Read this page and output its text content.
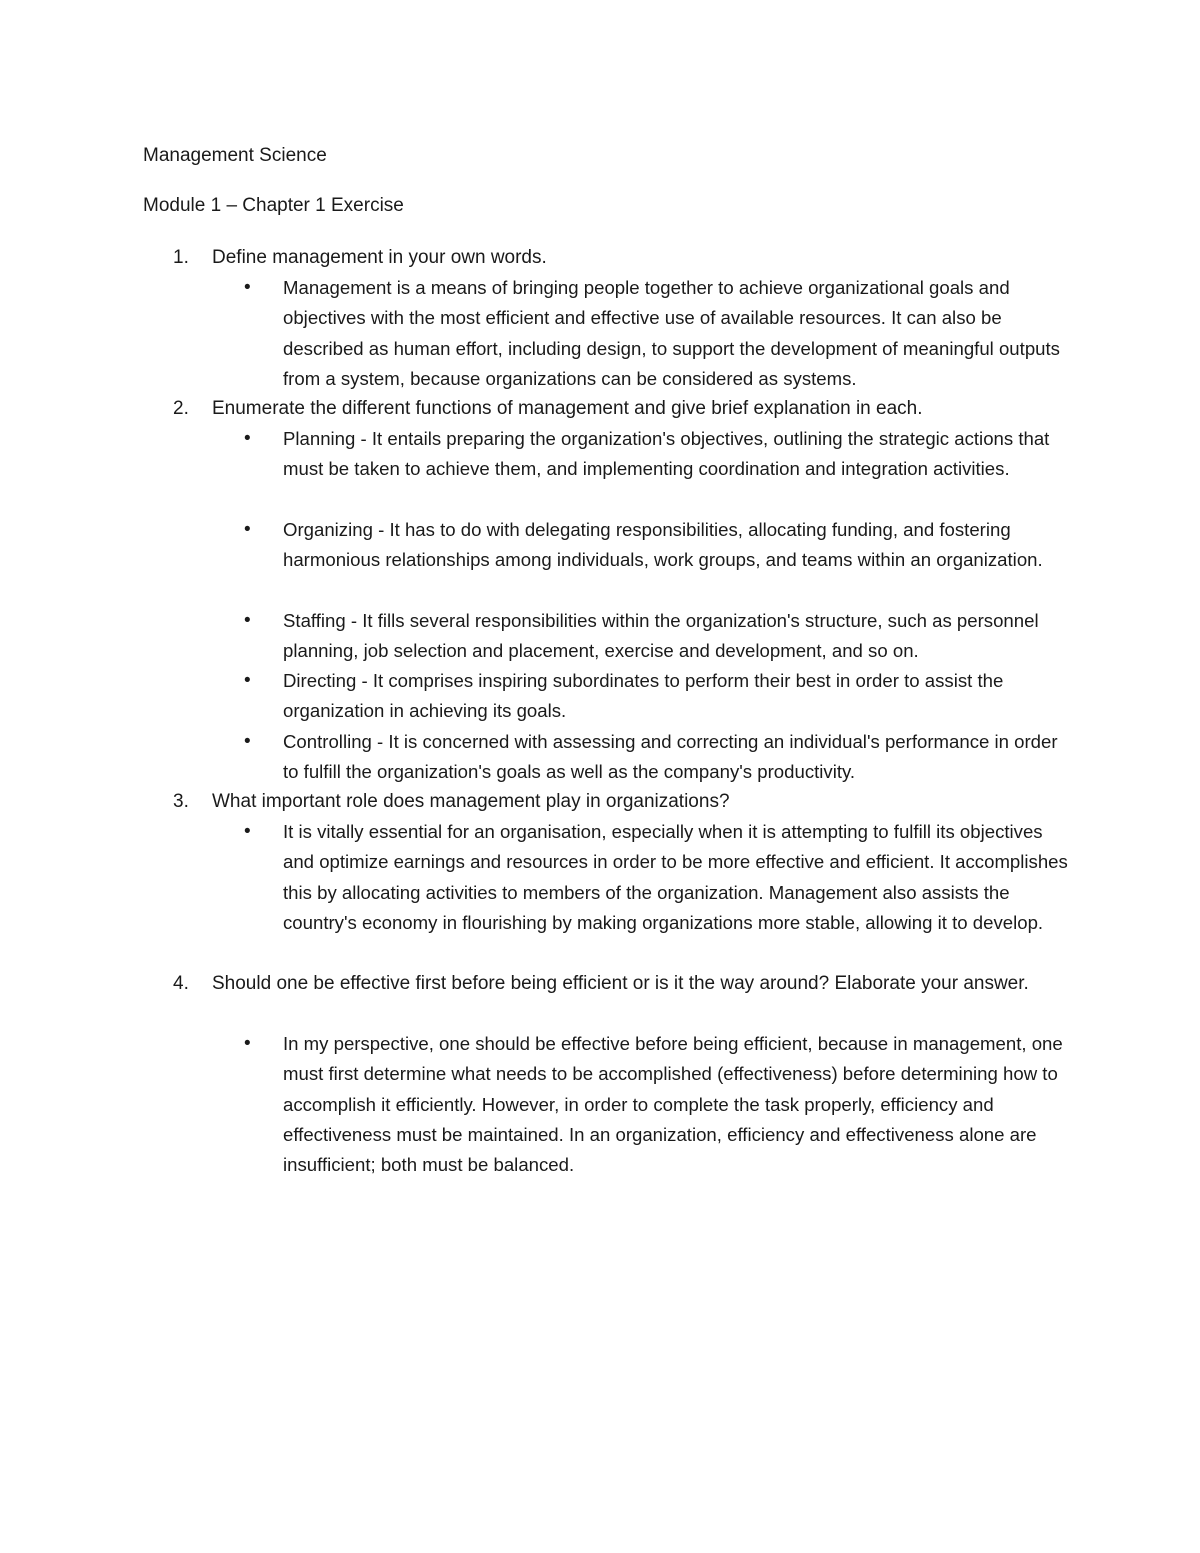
Management Science
Module 1 – Chapter 1 Exercise
1. Define management in your own words.
• Management is a means of bringing people together to achieve organizational goals and objectives with the most efficient and effective use of available resources. It can also be described as human effort, including design, to support the development of meaningful outputs from a system, because organizations can be considered as systems.
2. Enumerate the different functions of management and give brief explanation in each.
• Planning - It entails preparing the organization's objectives, outlining the strategic actions that must be taken to achieve them, and implementing coordination and integration activities.
• Organizing - It has to do with delegating responsibilities, allocating funding, and fostering harmonious relationships among individuals, work groups, and teams within an organization.
• Staffing - It fills several responsibilities within the organization's structure, such as personnel planning, job selection and placement, exercise and development, and so on.
• Directing - It comprises inspiring subordinates to perform their best in order to assist the organization in achieving its goals.
• Controlling - It is concerned with assessing and correcting an individual's performance in order to fulfill the organization's goals as well as the company's productivity.
3. What important role does management play in organizations?
• It is vitally essential for an organisation, especially when it is attempting to fulfill its objectives and optimize earnings and resources in order to be more effective and efficient. It accomplishes this by allocating activities to members of the organization. Management also assists the country's economy in flourishing by making organizations more stable, allowing it to develop.
4. Should one be effective first before being efficient or is it the way around? Elaborate your answer.
• In my perspective, one should be effective before being efficient, because in management, one must first determine what needs to be accomplished (effectiveness) before determining how to accomplish it efficiently. However, in order to complete the task properly, efficiency and effectiveness must be maintained. In an organization, efficiency and effectiveness alone are insufficient; both must be balanced.
